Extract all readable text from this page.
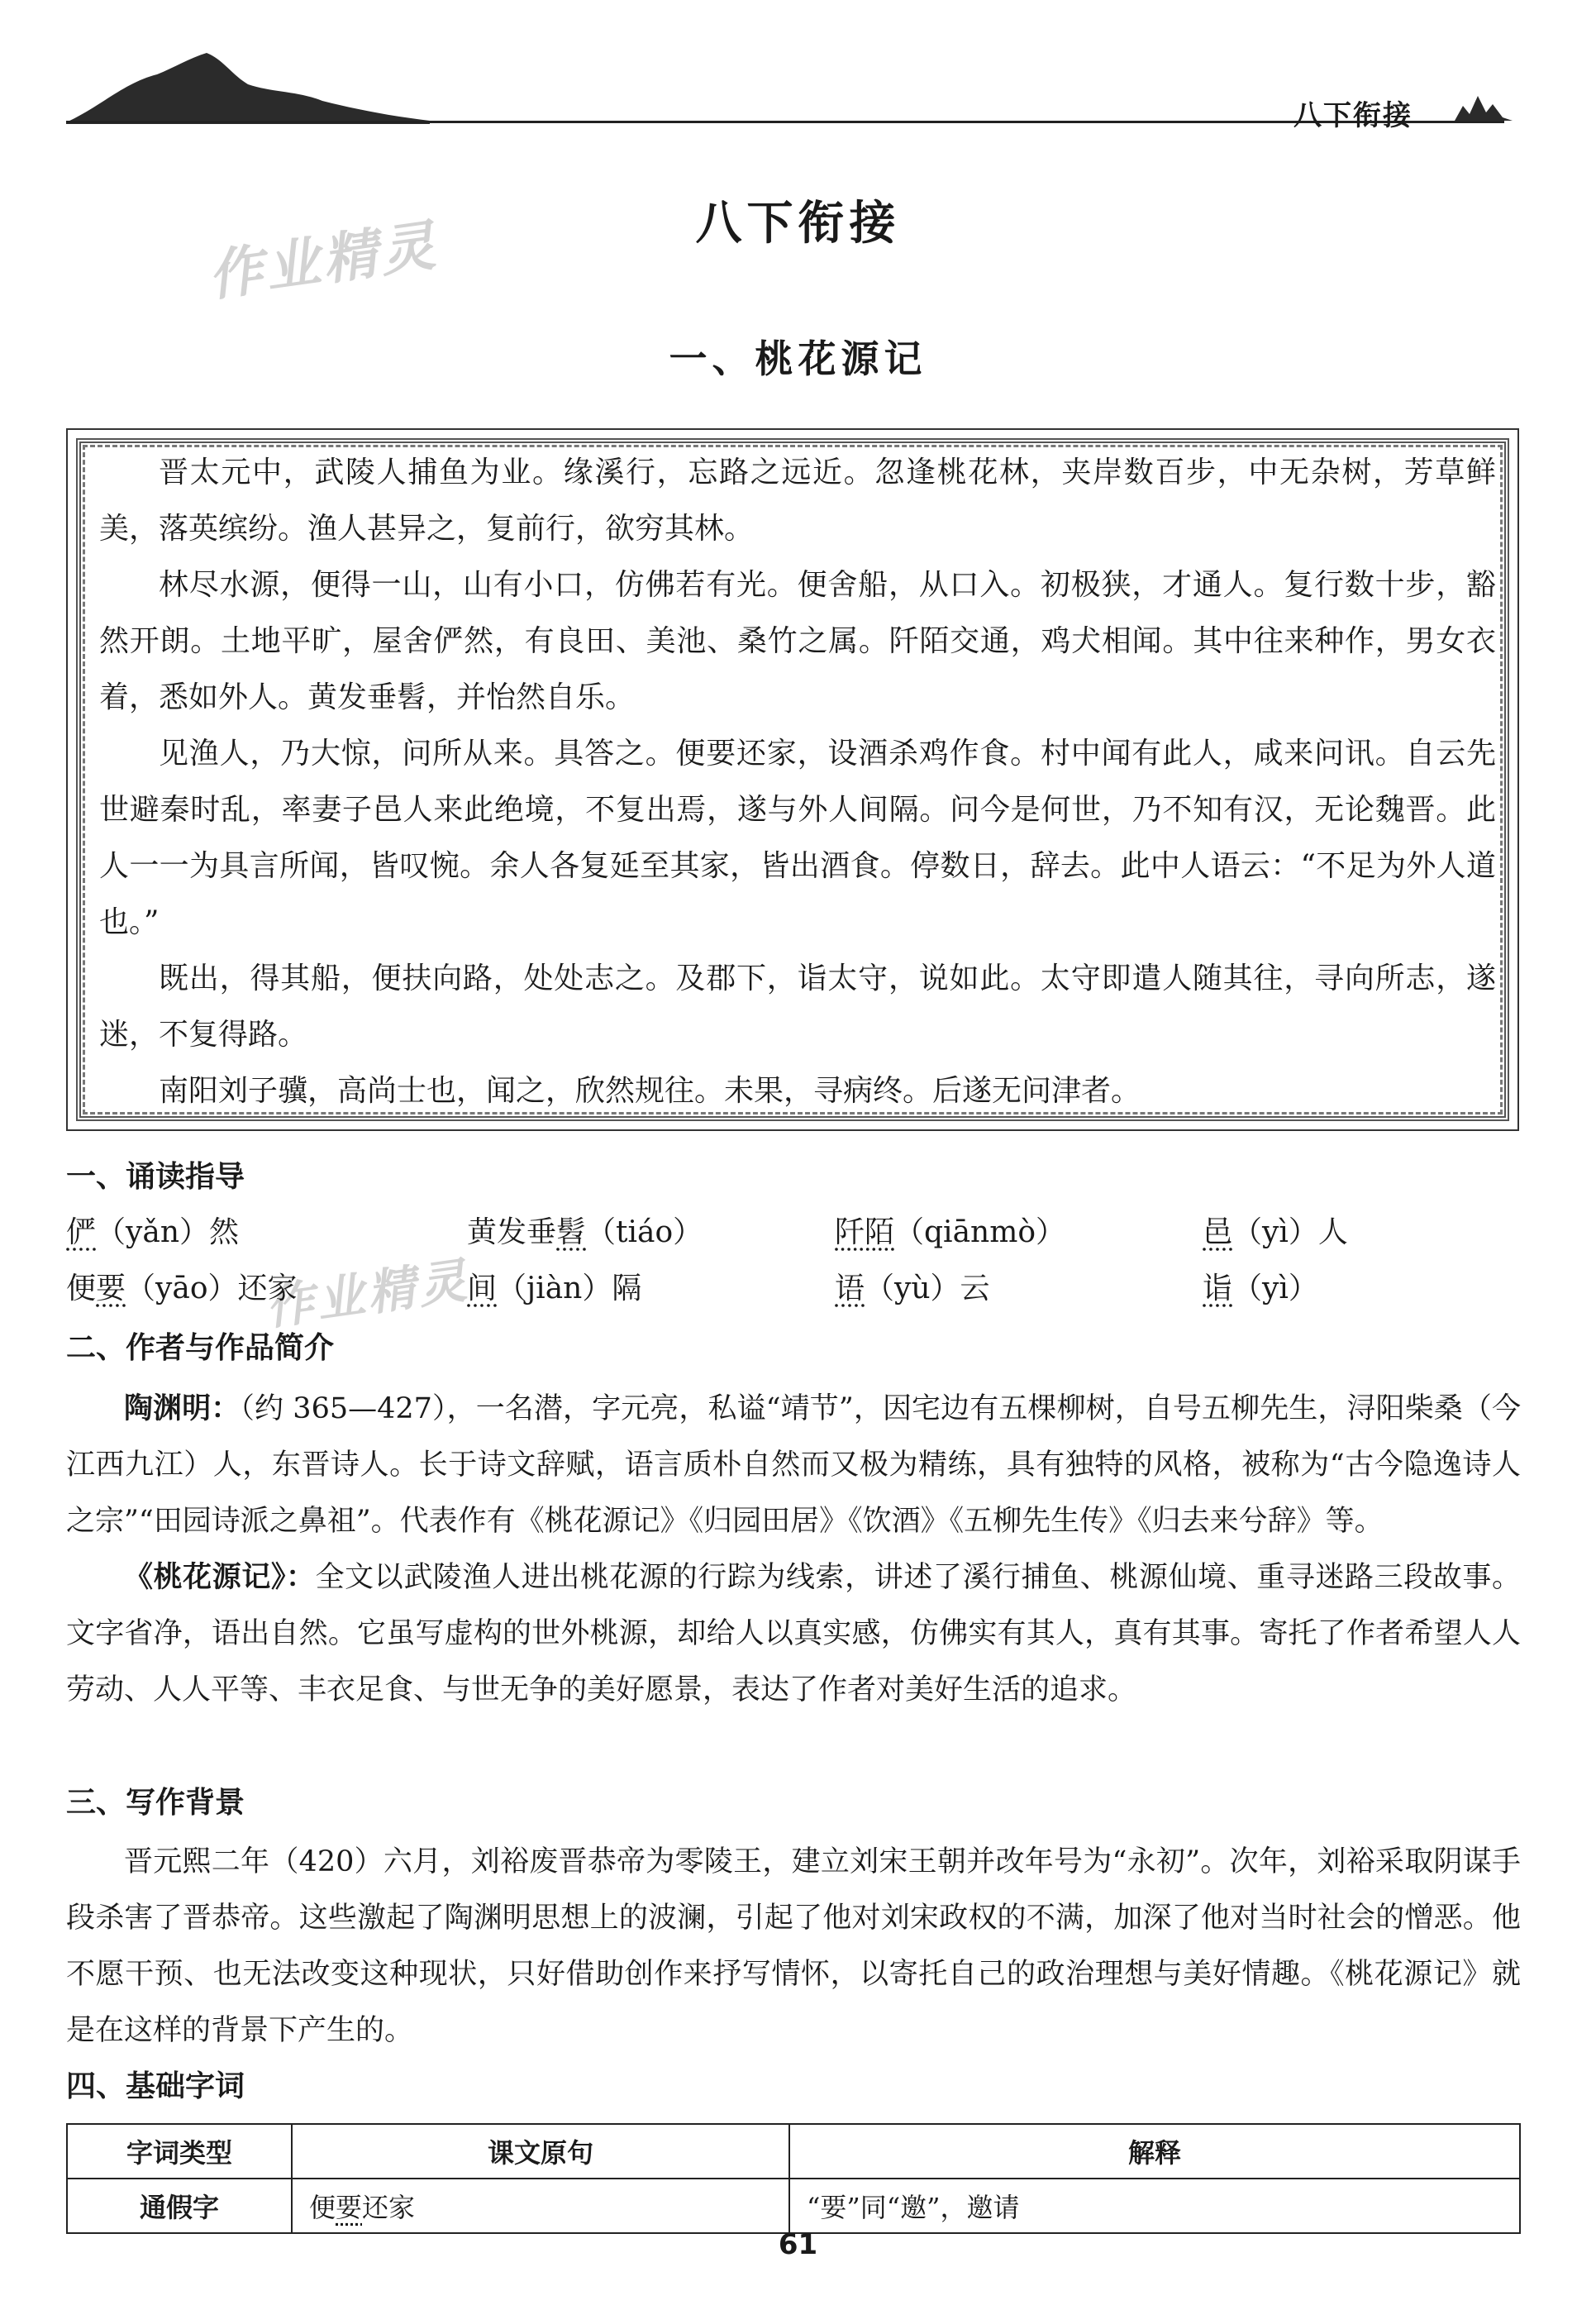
八下衔接
作业精灵
作业精灵
八下衔接
一、桃花源记

晋太元中，武陵人捕鱼为业。缘溪行，忘路之远近。忽逢桃花林，夹岸数百步，中无杂树，芳草鲜美，落英缤纷。渔人甚异之，复前行，欲穷其林。

林尽水源，便得一山，山有小口，仿佛若有光。便舍船，从口入。初极狭，才通人。复行数十步，豁然开朗。土地平旷，屋舍俨然，有良田、美池、桑竹之属。阡陌交通，鸡犬相闻。其中往来种作，男女衣着，悉如外人。黄发垂髫，并怡然自乐。

见渔人，乃大惊，问所从来。具答之。便要还家，设酒杀鸡作食。村中闻有此人，咸来问讯。自云先世避秦时乱，率妻子邑人来此绝境，不复出焉，遂与外人间隔。问今是何世，乃不知有汉，无论魏晋。此人一一为具言所闻，皆叹惋。余人各复延至其家，皆出酒食。停数日，辞去。此中人语云：“不足为外人道也。”

既出，得其船，便扶向路，处处志之。及郡下，诣太守，说如此。太守即遣人随其往，寻向所志，遂迷，不复得路。

南阳刘子骥，高尚士也，闻之，欣然规往。未果，寻病终。后遂无问津者。

一、诵读指导
俨（yǎn）然	黄发垂髫（tiáo）	阡陌（qiānmò）	邑（yì）人
便要（yāo）还家	间（jiàn）隔	语（yù）云	诣（yì）
二、作者与作品简介

陶渊明：（约 365—427），一名潜，字元亮，私谥“靖节”，因宅边有五棵柳树，自号五柳先生，浔阳柴桑（今江西九江）人，东晋诗人。长于诗文辞赋，语言质朴自然而又极为精练，具有独特的风格，被称为“古今隐逸诗人之宗”“田园诗派之鼻祖”。代表作有《桃花源记》《归园田居》《饮酒》《五柳先生传》《归去来兮辞》等。

《桃花源记》：全文以武陵渔人进出桃花源的行踪为线索，讲述了溪行捕鱼、桃源仙境、重寻迷路三段故事。文字省净，语出自然。它虽写虚构的世外桃源，却给人以真实感，仿佛实有其人，真有其事。寄托了作者希望人人劳动、人人平等、丰衣足食、与世无争的美好愿景，表达了作者对美好生活的追求。

三、写作背景

晋元熙二年（420）六月，刘裕废晋恭帝为零陵王，建立刘宋王朝并改年号为“永初”。次年，刘裕采取阴谋手段杀害了晋恭帝。这些激起了陶渊明思想上的波澜，引起了他对刘宋政权的不满，加深了他对当时社会的憎恶。他不愿干预、也无法改变这种现状，只好借助创作来抒写情怀，以寄托自己的政治理想与美好情趣。《桃花源记》就是在这样的背景下产生的。

四、基础字词
字词类型	课文原句	解释
通假字	便要还家	“要”同“邀”，邀请
61
